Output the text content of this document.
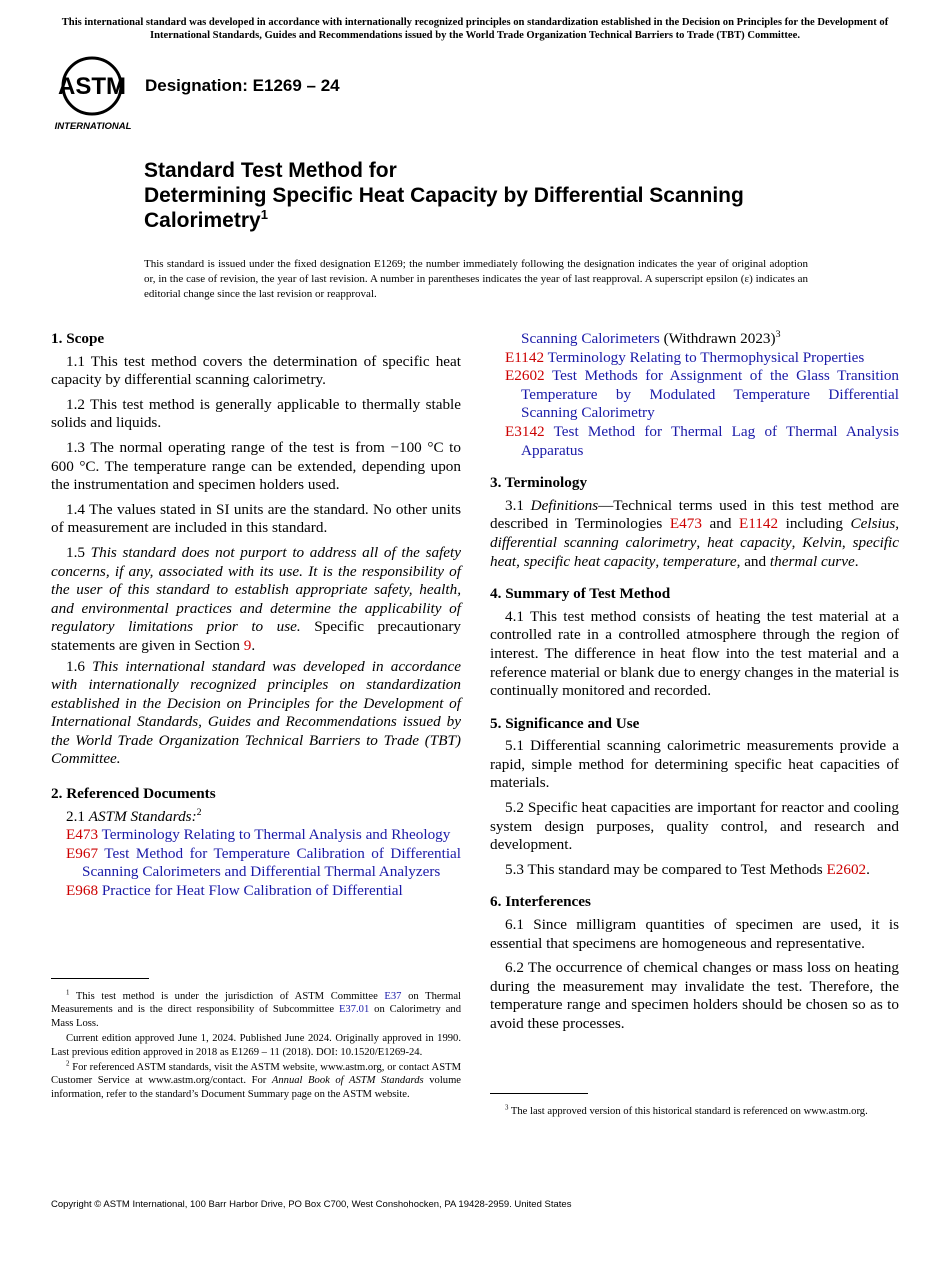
This international standard was developed in accordance with internationally recognized principles on standardization established in the Decision on Principles for the Development of International Standards, Guides and Recommendations issued by the World Trade Organization Technical Barriers to Trade (TBT) Committee.
ASTM
INTERNATIONAL
Designation: E1269 – 24
Standard Test Method for
Determining Specific Heat Capacity by Differential Scanning Calorimetry$^1$
This standard is issued under the fixed designation E1269; the number immediately following the designation indicates the year of original adoption or, in the case of revision, the year of last revision. A number in parentheses indicates the year of last reapproval. A superscript epsilon (ε) indicates an editorial change since the last revision or reapproval.

1. Scope

1.1 This test method covers the determination of specific heat capacity by differential scanning calorimetry.

1.2 This test method is generally applicable to thermally stable solids and liquids.

1.3 The normal operating range of the test is from −100 °C to 600 °C. The temperature range can be extended, depending upon the instrumentation and specimen holders used.

1.4 The values stated in SI units are the standard. No other units of measurement are included in this standard.

1.5 This standard does not purport to address all of the safety concerns, if any, associated with its use. It is the responsibility of the user of this standard to establish appropriate safety, health, and environmental practices and determine the applicability of regulatory limitations prior to use. Specific precautionary statements are given in Section 9.

1.6 This international standard was developed in accordance with internationally recognized principles on standardization established in the Decision on Principles for the Development of International Standards, Guides and Recommendations issued by the World Trade Organization Technical Barriers to Trade (TBT) Committee.

2. Referenced Documents

2.1 ASTM Standards:$^2$

E473 Terminology Relating to Thermal Analysis and Rheology

E967 Test Method for Temperature Calibration of Differential Scanning Calorimeters and Differential Thermal Analyzers

E968 Practice for Heat Flow Calibration of Differential

$^1$ This test method is under the jurisdiction of ASTM Committee E37 on Thermal Measurements and is the direct responsibility of Subcommittee E37.01 on Calorimetry and Mass Loss.

Current edition approved June 1, 2024. Published June 2024. Originally approved in 1990. Last previous edition approved in 2018 as E1269 – 11 (2018). DOI: 10.1520/E1269-24.

$^2$ For referenced ASTM standards, visit the ASTM website, www.astm.org, or contact ASTM Customer Service at www.astm.org/contact. For Annual Book of ASTM Standards volume information, refer to the standard’s Document Summary page on the ASTM website.

Scanning Calorimeters (Withdrawn 2023)$^3$

E1142 Terminology Relating to Thermophysical Properties

E2602 Test Methods for Assignment of the Glass Transition Temperature by Modulated Temperature Differential Scanning Calorimetry

E3142 Test Method for Thermal Lag of Thermal Analysis Apparatus

3. Terminology

3.1 Definitions—Technical terms used in this test method are described in Terminologies E473 and E1142 including Celsius, differential scanning calorimetry, heat capacity, Kelvin, specific heat, specific heat capacity, temperature, and thermal curve.

4. Summary of Test Method

4.1 This test method consists of heating the test material at a controlled rate in a controlled atmosphere through the region of interest. The difference in heat flow into the test material and a reference material or blank due to energy changes in the material is continually monitored and recorded.

5. Significance and Use

5.1 Differential scanning calorimetric measurements provide a rapid, simple method for determining specific heat capacities of materials.

5.2 Specific heat capacities are important for reactor and cooling system design purposes, quality control, and research and development.

5.3 This standard may be compared to Test Methods E2602.

6. Interferences

6.1 Since milligram quantities of specimen are used, it is essential that specimens are homogeneous and representative.

6.2 The occurrence of chemical changes or mass loss on heating during the measurement may invalidate the test. Therefore, the temperature range and specimen holders should be chosen so as to avoid these processes.

$^3$ The last approved version of this historical standard is referenced on www.astm.org.

Copyright © ASTM International, 100 Barr Harbor Drive, PO Box C700, West Conshohocken, PA 19428-2959. United States
